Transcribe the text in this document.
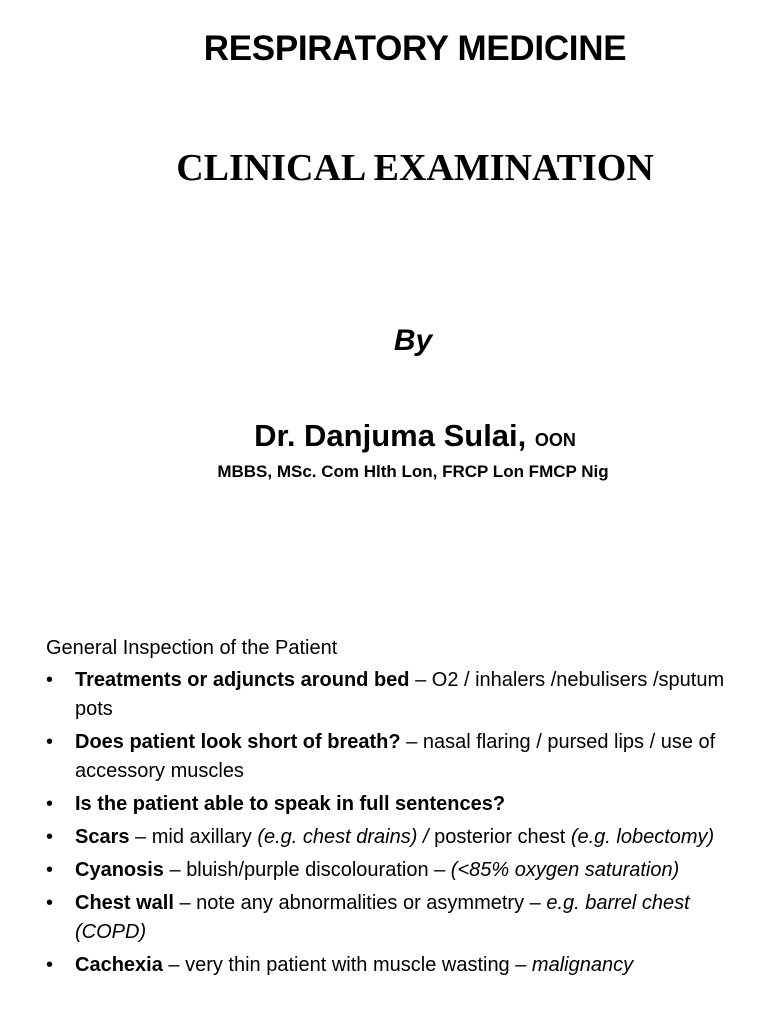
RESPIRATORY MEDICINE
CLINICAL EXAMINATION
By
Dr. Danjuma Sulai, OON
MBBS, MSc. Com Hlth Lon, FRCP Lon FMCP Nig
General Inspection of the Patient
• Treatments or adjuncts around bed – O2 / inhalers /nebulisers /sputum pots
• Does patient look short of breath? – nasal flaring / pursed lips / use of accessory muscles
• Is the patient able to speak in full sentences?
• Scars – mid axillary (e.g. chest drains) / posterior chest (e.g. lobectomy)
• Cyanosis – bluish/purple discolouration – (<85% oxygen saturation)
• Chest wall – note any abnormalities or asymmetry – e.g. barrel chest (COPD)
• Cachexia – very thin patient with muscle wasting – malignancy
